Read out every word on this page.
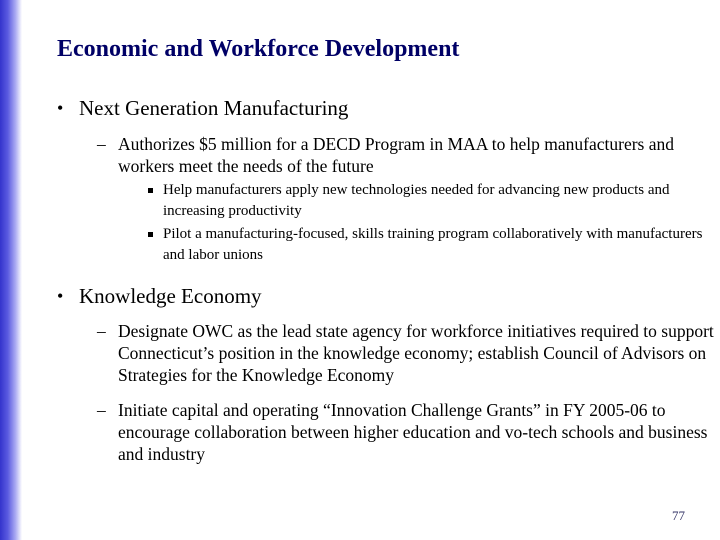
Economic and Workforce Development
• Next Generation Manufacturing
– Authorizes $5 million for a DECD Program in MAA to help manufacturers and workers meet the needs of the future
Help manufacturers apply new technologies needed for advancing new products and increasing productivity
Pilot a manufacturing-focused, skills training program collaboratively with manufacturers and labor unions
• Knowledge Economy
– Designate OWC as the lead state agency for workforce initiatives required to support Connecticut’s position in the knowledge economy; establish Council of Advisors on Strategies for the Knowledge Economy
– Initiate capital and operating “Innovation Challenge Grants” in FY 2005-06 to encourage collaboration between higher education and vo-tech schools and business and industry
77
